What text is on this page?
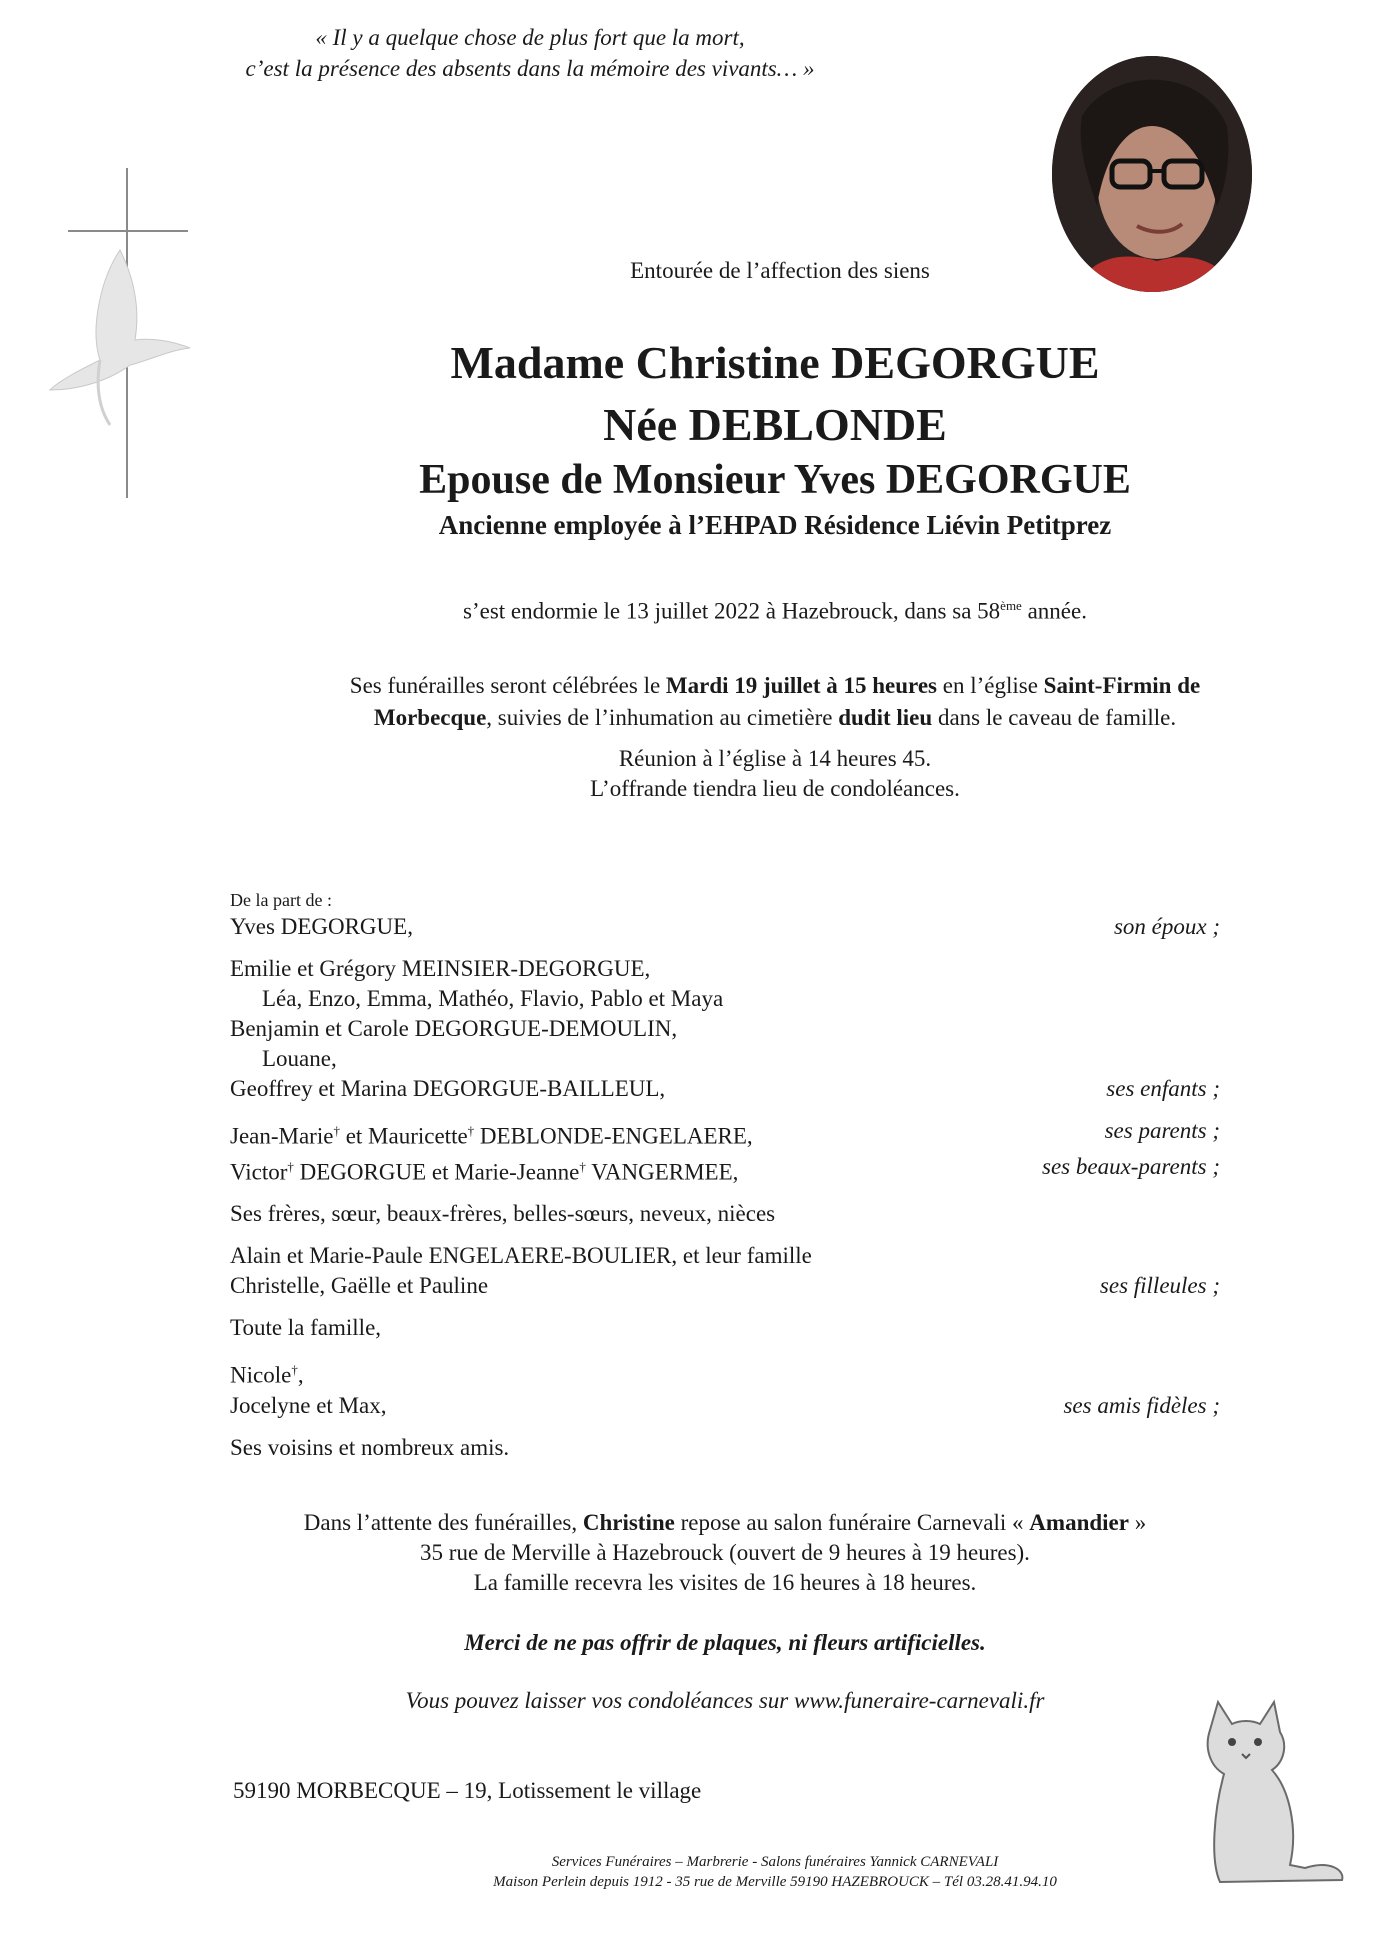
« Il y a quelque chose de plus fort que la mort,
c’est la présence des absents dans la mémoire des vivants… »
Entourée de l’affection des siens
Madame Christine DEGORGUE
Née DEBLONDE
Epouse de Monsieur Yves DEGORGUE
Ancienne employée à l’EHPAD Résidence Liévin Petitprez
s’est endormie le 13 juillet 2022 à Hazebrouck, dans sa 58ème année.
Ses funérailles seront célébrées le Mardi 19 juillet à 15 heures en l’église Saint-Firmin de Morbecque, suivies de l’inhumation au cimetière dudit lieu dans le caveau de famille.
Réunion à l’église à 14 heures 45.
L’offrande tiendra lieu de condoléances.
De la part de :
Yves DEGORGUE,	son époux ;
Emilie et Grégory MEINSIER-DEGORGUE,
Léa, Enzo, Emma, Mathéo, Flavio, Pablo et Maya
Benjamin et Carole DEGORGUE-DEMOULIN,
Louane,
Geoffrey et Marina DEGORGUE-BAILLEUL,	ses enfants ;
Jean-Marie† et Mauricette† DEBLONDE-ENGELAERE,	ses parents ;
Victor† DEGORGUE et Marie-Jeanne† VANGERMEE,	ses beaux-parents ;
Ses frères, sœur, beaux-frères, belles-sœurs, neveux, nièces
Alain et Marie-Paule ENGELAERE-BOULIER, et leur famille
Christelle, Gaëlle et Pauline	ses filleules ;
Toute la famille,
Nicole†,
Jocelyne et Max,	ses amis fidèles ;
Ses voisins et nombreux amis.
Dans l’attente des funérailles, Christine repose au salon funéraire Carnevali « Amandier »
35 rue de Merville à Hazebrouck (ouvert de 9 heures à 19 heures).
La famille recevra les visites de 16 heures à 18 heures.
Merci de ne pas offrir de plaques, ni fleurs artificielles.
Vous pouvez laisser vos condoléances sur www.funeraire-carnevali.fr
59190 MORBECQUE – 19, Lotissement le village
Services Funéraires – Marbrerie - Salons funéraires Yannick CARNEVALI
Maison Perlein depuis 1912 - 35 rue de Merville 59190 HAZEBROUCK – Tél 03.28.41.94.10
